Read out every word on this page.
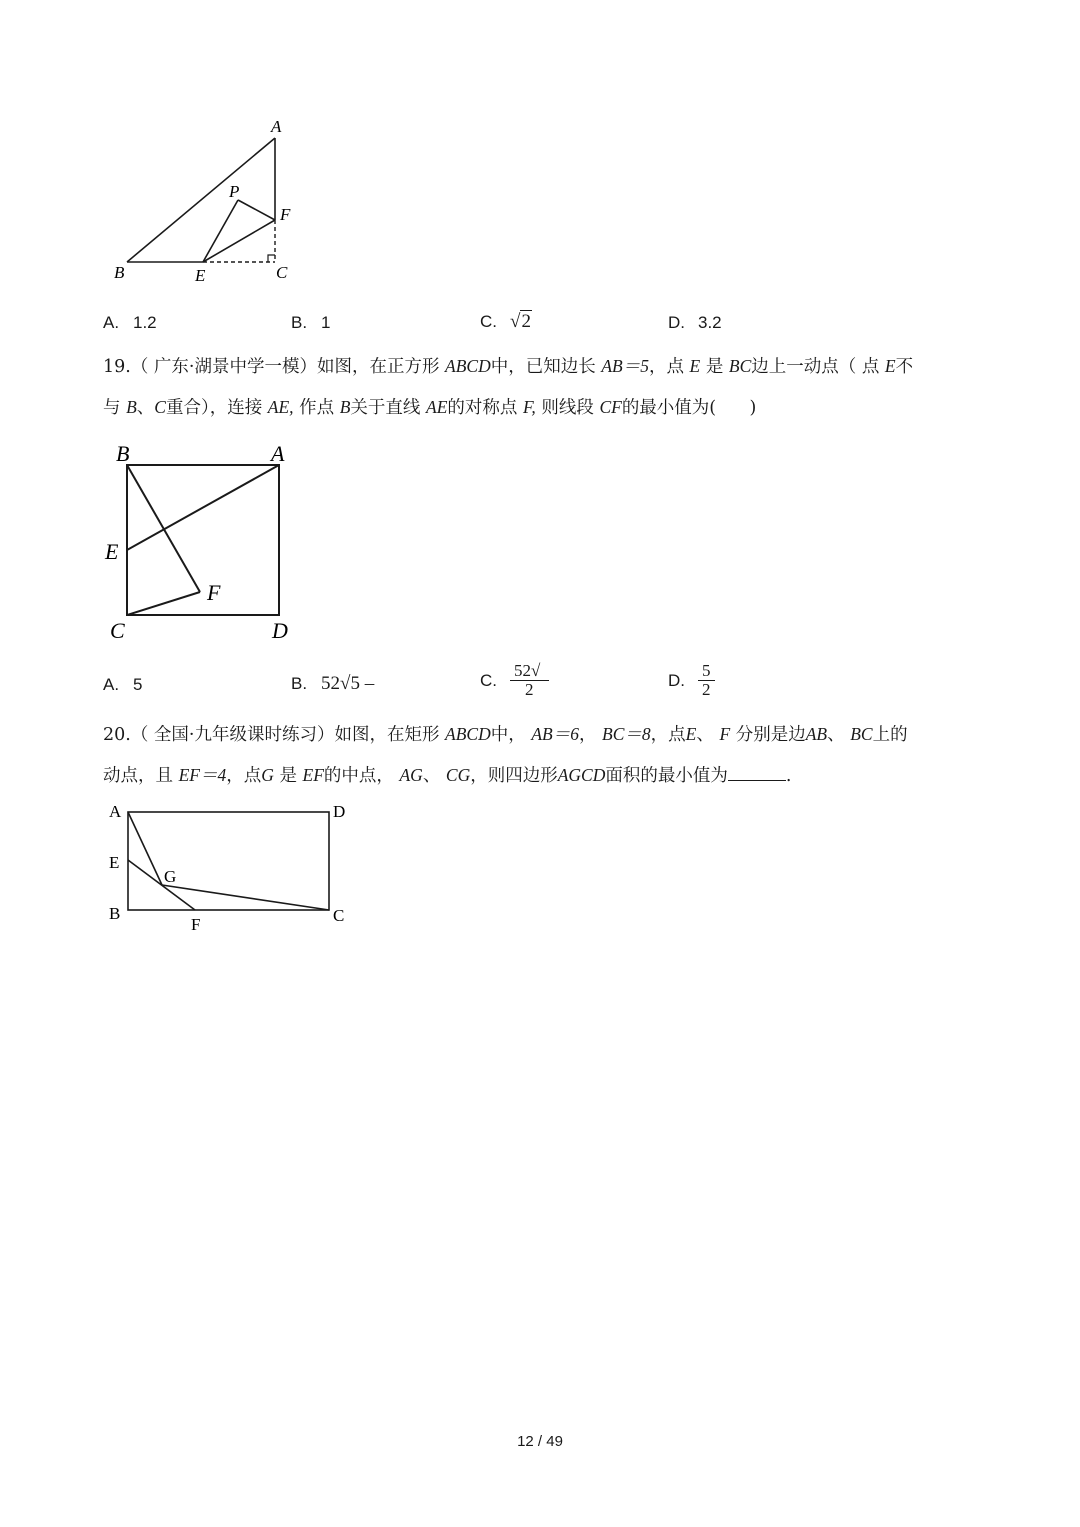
A
B	C
E
F
P
A. 1.2	B. 1	C. √2	D. 3.2
19.（ 广东·湖景中学一模）如图，在正方形 ABCD中，已知边长 AB＝5，点 E 是 BC边上一动点（ 点 E不
与 B、C重合），连接 AE, 作点 B关于直线 AE的对称点 F, 则线段 CF的最小值为( )
B	A
E
F
C	D
A. 5	B. 52√5 –	C. $\frac{52√}{2}$	D. $\frac{5}{2}$
20.（ 全国·九年级课时练习）如图，在矩形 ABCD中， AB＝6， BC＝8，点E、 F 分别是边AB、 BC上的
动点，且 EF＝4，点G 是 EF的中点， AG、 CG，则四边形AGCD面积的最小值为	.
A	D
E
G
B
F	C
12 / 49
